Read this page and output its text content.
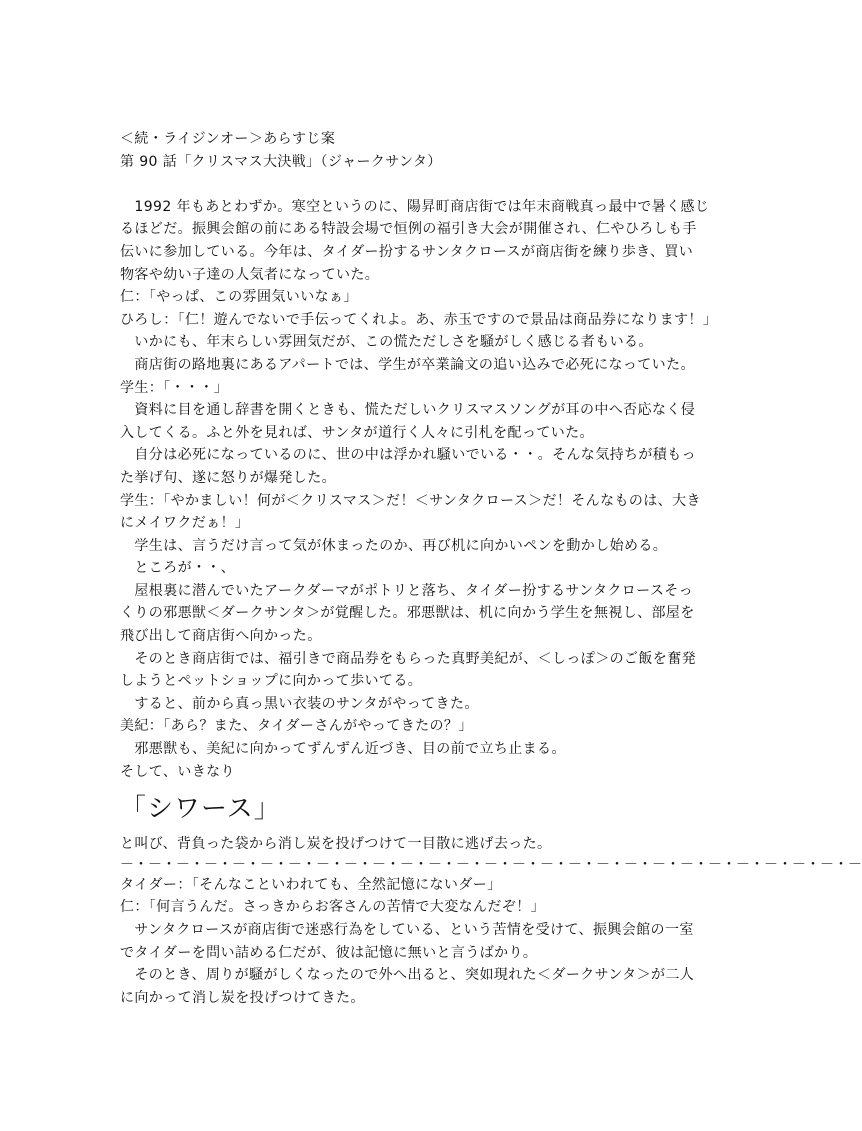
＜続・ライジンオー＞あらすじ案
第 90 話「クリスマス大決戦」（ジャークサンタ）
　1992 年もあとわずか。寒空というのに、陽昇町商店街では年末商戦真っ最中で暑く感じ
るほどだ。振興会館の前にある特設会場で恒例の福引き大会が開催され、仁やひろしも手
伝いに参加している。今年は、タイダー扮するサンタクロースが商店街を練り歩き、買い
物客や幼い子達の人気者になっていた。
仁：「やっぱ、この雰囲気いいなぁ」
ひろし：「仁！遊んでないで手伝ってくれよ。あ、赤玉ですので景品は商品券になります！」
　いかにも、年末らしい雰囲気だが、この慌ただしさを騒がしく感じる者もいる。
　商店街の路地裏にあるアパートでは、学生が卒業論文の追い込みで必死になっていた。
学生：「・・・」
　資料に目を通し辞書を開くときも、慌ただしいクリスマスソングが耳の中へ否応なく侵
入してくる。ふと外を見れば、サンタが道行く人々に引札を配っていた。
　自分は必死になっているのに、世の中は浮かれ騒いでいる・・。そんな気持ちが積もっ
た挙げ句、遂に怒りが爆発した。
学生：「やかましい！何が＜クリスマス＞だ！＜サンタクロース＞だ！そんなものは、大き
にメイワクだぁ！」
　学生は、言うだけ言って気が休まったのか、再び机に向かいペンを動かし始める。
　ところが・・、
　屋根裏に潜んでいたアークダーマがポトリと落ち、タイダー扮するサンタクロースそっ
くりの邪悪獣＜ダークサンタ＞が覚醒した。邪悪獣は、机に向かう学生を無視し、部屋を
飛び出して商店街へ向かった。
　そのとき商店街では、福引きで商品券をもらった真野美紀が、＜しっぽ＞のご飯を奮発
しようとペットショップに向かって歩いてる。
　すると、前から真っ黒い衣装のサンタがやってきた。
美紀：「あら？また、タイダーさんがやってきたの？」
　邪悪獣も、美紀に向かってずんずん近づき、目の前で立ち止まる。
そして、いきなり
「シワース」
と叫び、背負った袋から消し炭を投げつけて一目散に逃げ去った。
－・－・－・－・－・－・－・－・－・－・－・－・－・－・－・－・－・－・－・－・－・－・－・－・－・－・－
タイダー：「そんなこといわれても、全然記憶にないダー」
仁：「何言うんだ。さっきからお客さんの苦情で大変なんだぞ！」
　サンタクロースが商店街で迷惑行為をしている、という苦情を受けて、振興会館の一室
でタイダーを問い詰める仁だが、彼は記憶に無いと言うばかり。
　そのとき、周りが騒がしくなったので外へ出ると、突如現れた＜ダークサンタ＞が二人
に向かって消し炭を投げつけてきた。
